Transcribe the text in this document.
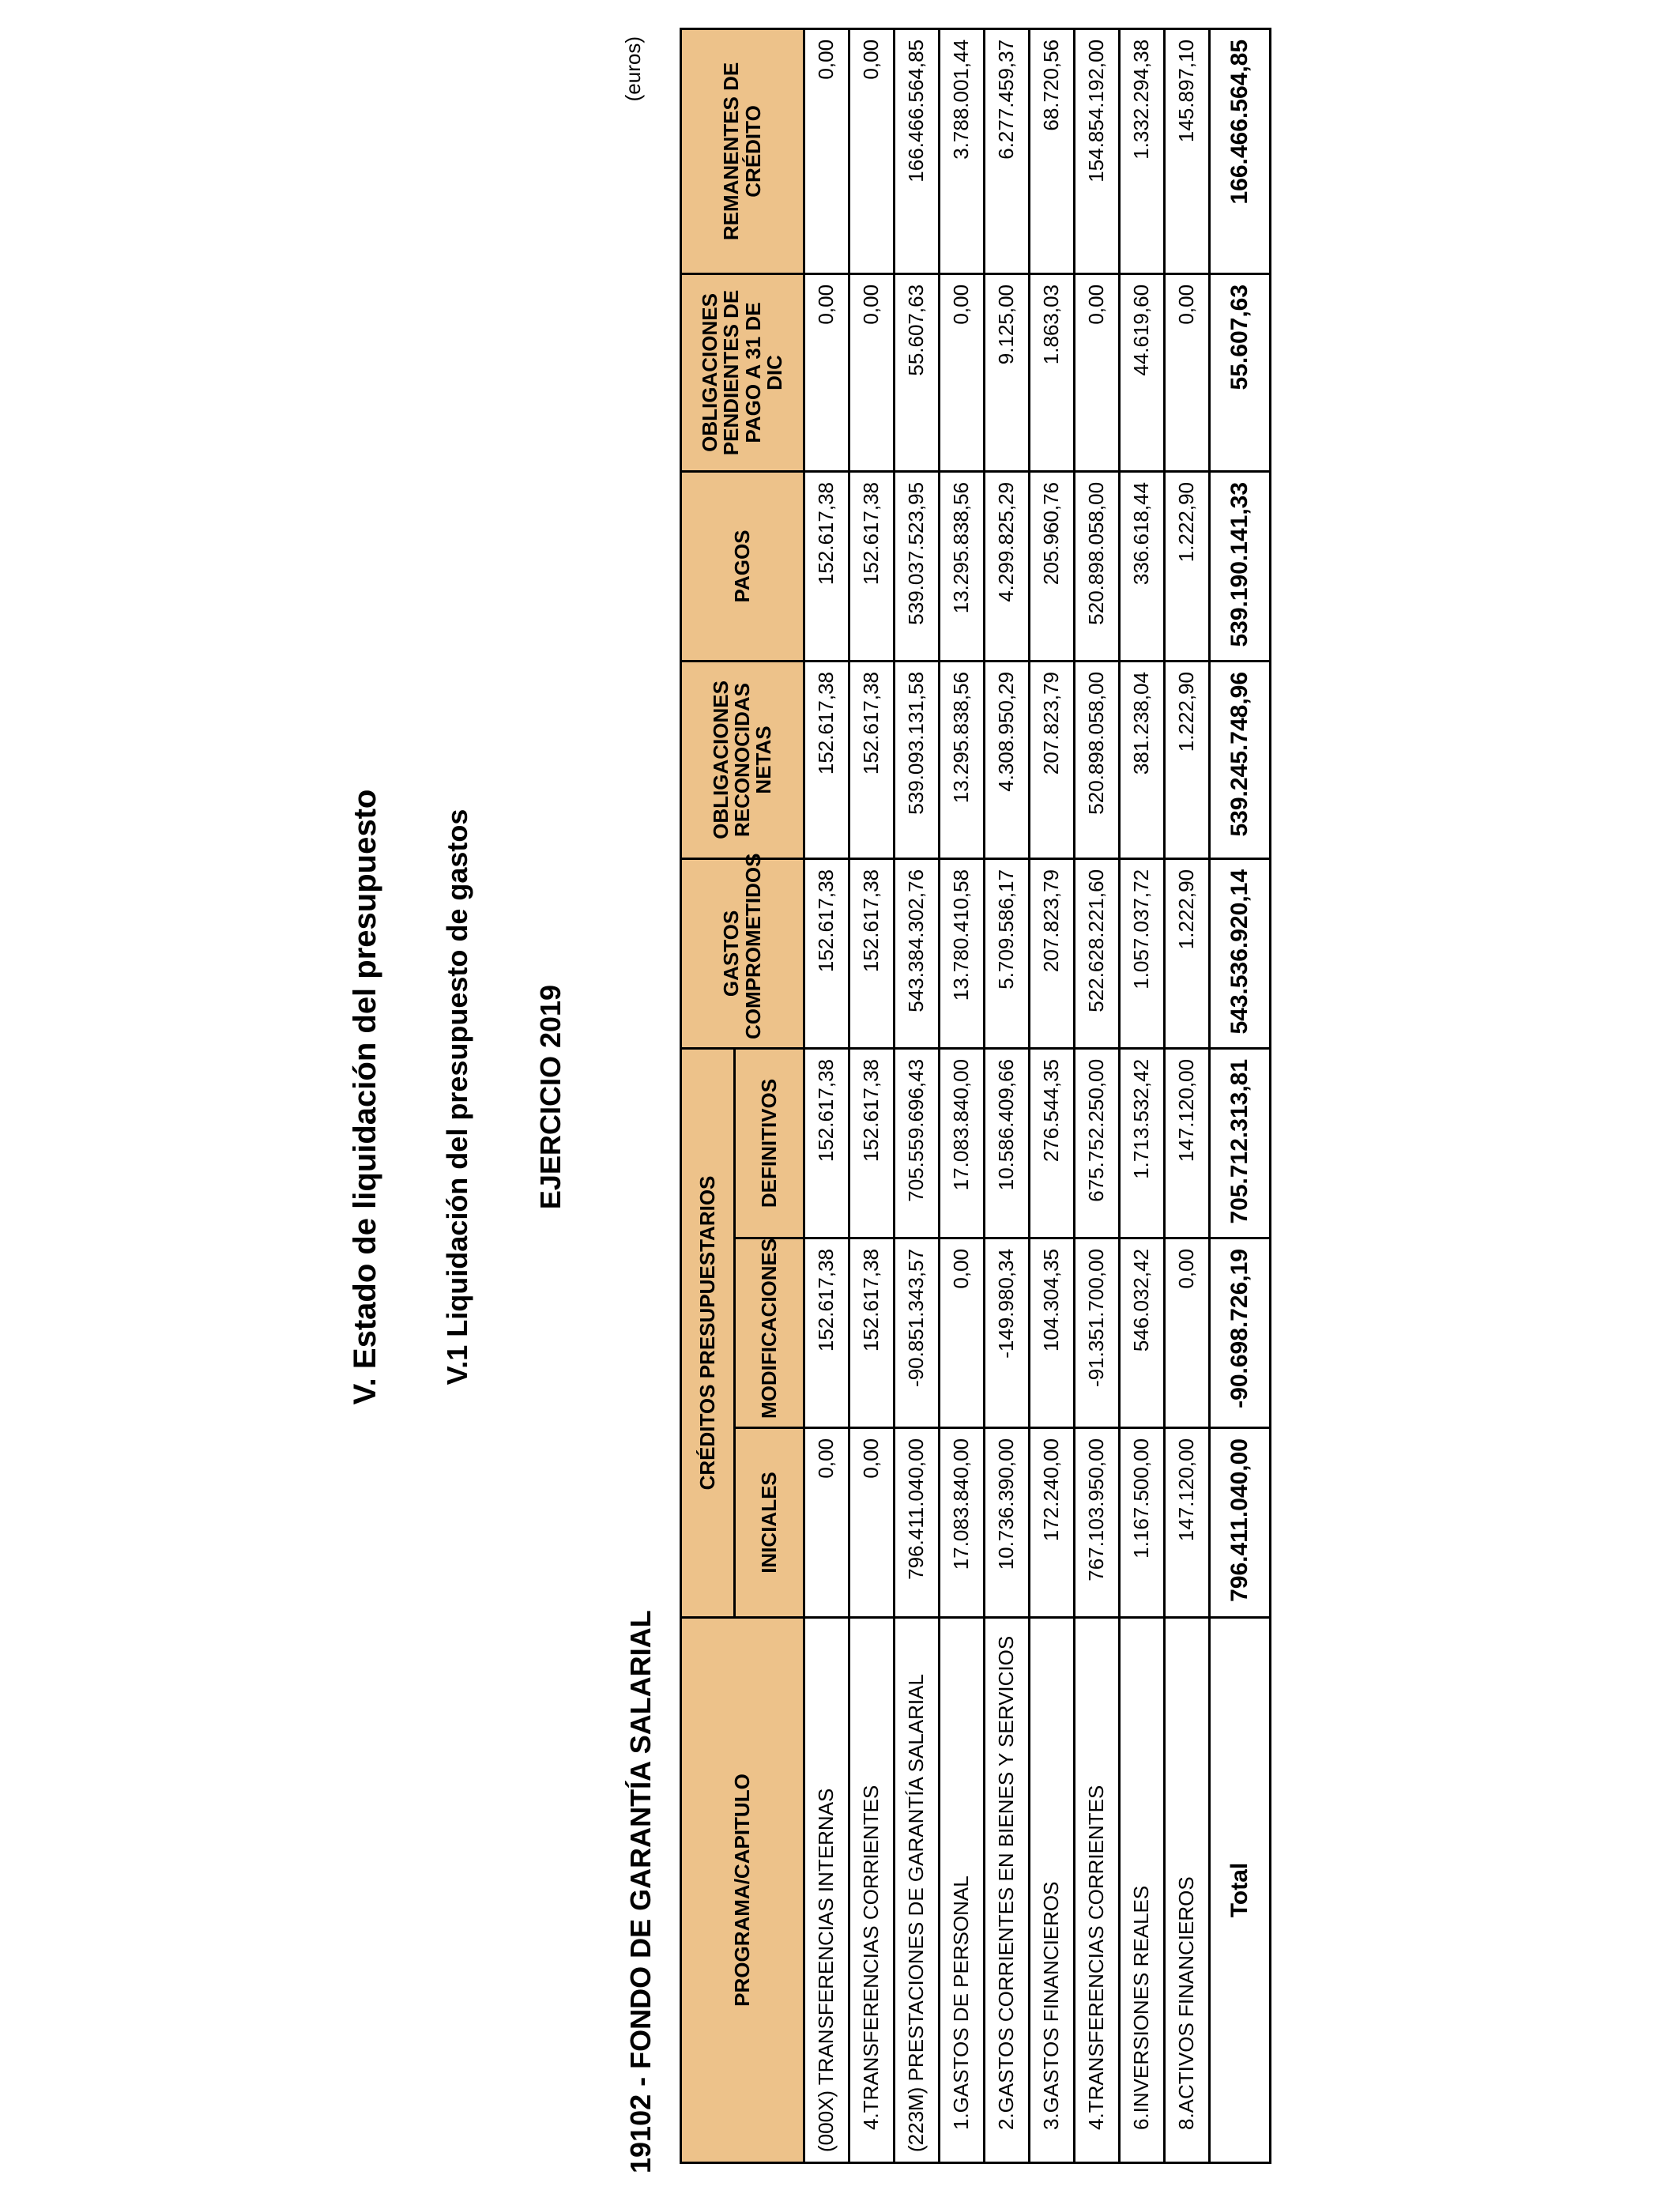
V. Estado de liquidación del presupuesto V.1 Liquidación del presupuesto de gastos EJERCICIO 2019
19102 - FONDO DE GARANTÍA SALARIAL
(euros)
PROGRAMA/CAPITULO	CRÉDITOS PRESUPUESTARIOS			GASTOS COMPROMETIDOS	OBLIGACIONES RECONOCIDAS NETAS	PAGOS	OBLIGACIONES PENDIENTES DE PAGO A 31 DE DIC	REMANENTES DE CRÉDITO
	INICIALES	MODIFICACIONES	DEFINITIVOS					
(000X) TRANSFERENCIAS INTERNAS	0,00	152.617,38	152.617,38	152.617,38	152.617,38	152.617,38	0,00	0,00
4.TRANSFERENCIAS CORRIENTES	0,00	152.617,38	152.617,38	152.617,38	152.617,38	152.617,38	0,00	0,00
(223M) PRESTACIONES DE GARANTÍA SALARIAL	796.411.040,00	-90.851.343,57	705.559.696,43	543.384.302,76	539.093.131,58	539.037.523,95	55.607,63	166.466.564,85
1.GASTOS DE PERSONAL	17.083.840,00	0,00	17.083.840,00	13.780.410,58	13.295.838,56	13.295.838,56	0,00	3.788.001,44
2.GASTOS CORRIENTES EN BIENES Y SERVICIOS	10.736.390,00	-149.980,34	10.586.409,66	5.709.586,17	4.308.950,29	4.299.825,29	9.125,00	6.277.459,37
3.GASTOS FINANCIEROS	172.240,00	104.304,35	276.544,35	207.823,79	207.823,79	205.960,76	1.863,03	68.720,56
4.TRANSFERENCIAS CORRIENTES	767.103.950,00	-91.351.700,00	675.752.250,00	522.628.221,60	520.898.058,00	520.898.058,00	0,00	154.854.192,00
6.INVERSIONES REALES	1.167.500,00	546.032,42	1.713.532,42	1.057.037,72	381.238,04	336.618,44	44.619,60	1.332.294,38
8.ACTIVOS FINANCIEROS	147.120,00	0,00	147.120,00	1.222,90	1.222,90	1.222,90	0,00	145.897,10
Total	796.411.040,00	-90.698.726,19	705.712.313,81	543.536.920,14	539.245.748,96	539.190.141,33	55.607,63	166.466.564,85
